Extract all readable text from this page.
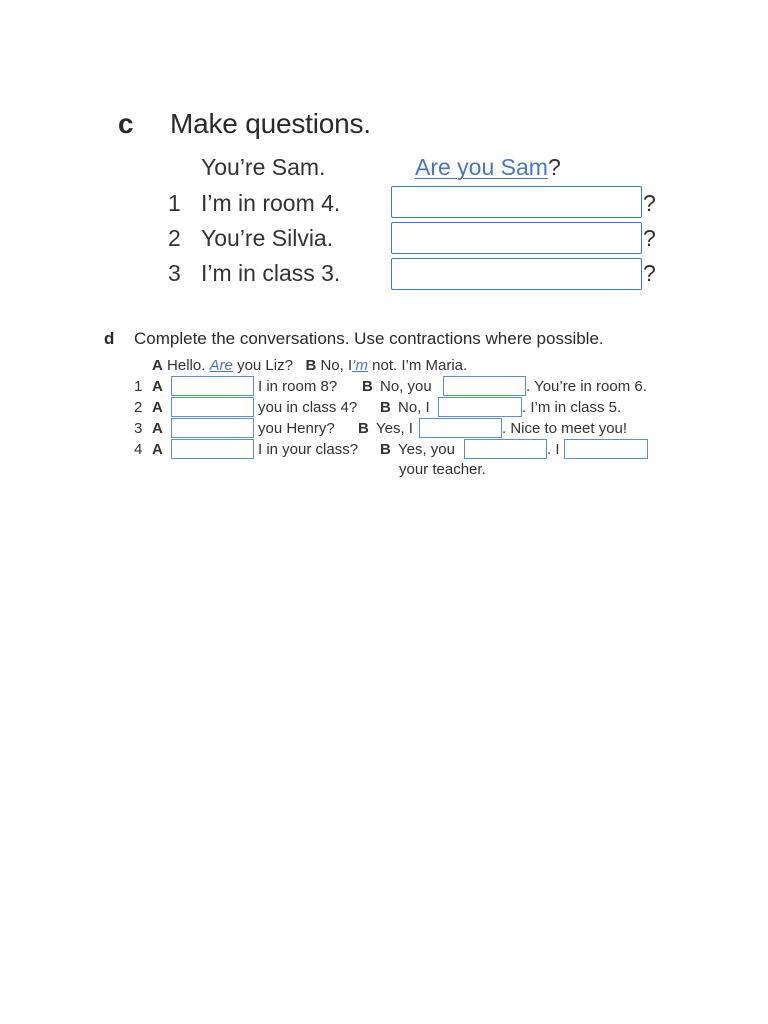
c Make questions.
You’re Sam.	Are you Sam?
1 I’m in room 4.	?
2 You’re Silvia.	?
3 I’m in class 3.	?
d Complete the conversations. Use contractions where possible.
A Hello. Are you Liz? B No, I’m not. I’m Maria.
1 A	I in room 8? B No, you	. You’re in room 6.
2 A	you in class 4? B No, I	. I’m in class 5.
3 A	you Henry? B Yes, I	. Nice to meet you!
4 A	I in your class? B Yes, you	. I
your teacher.
